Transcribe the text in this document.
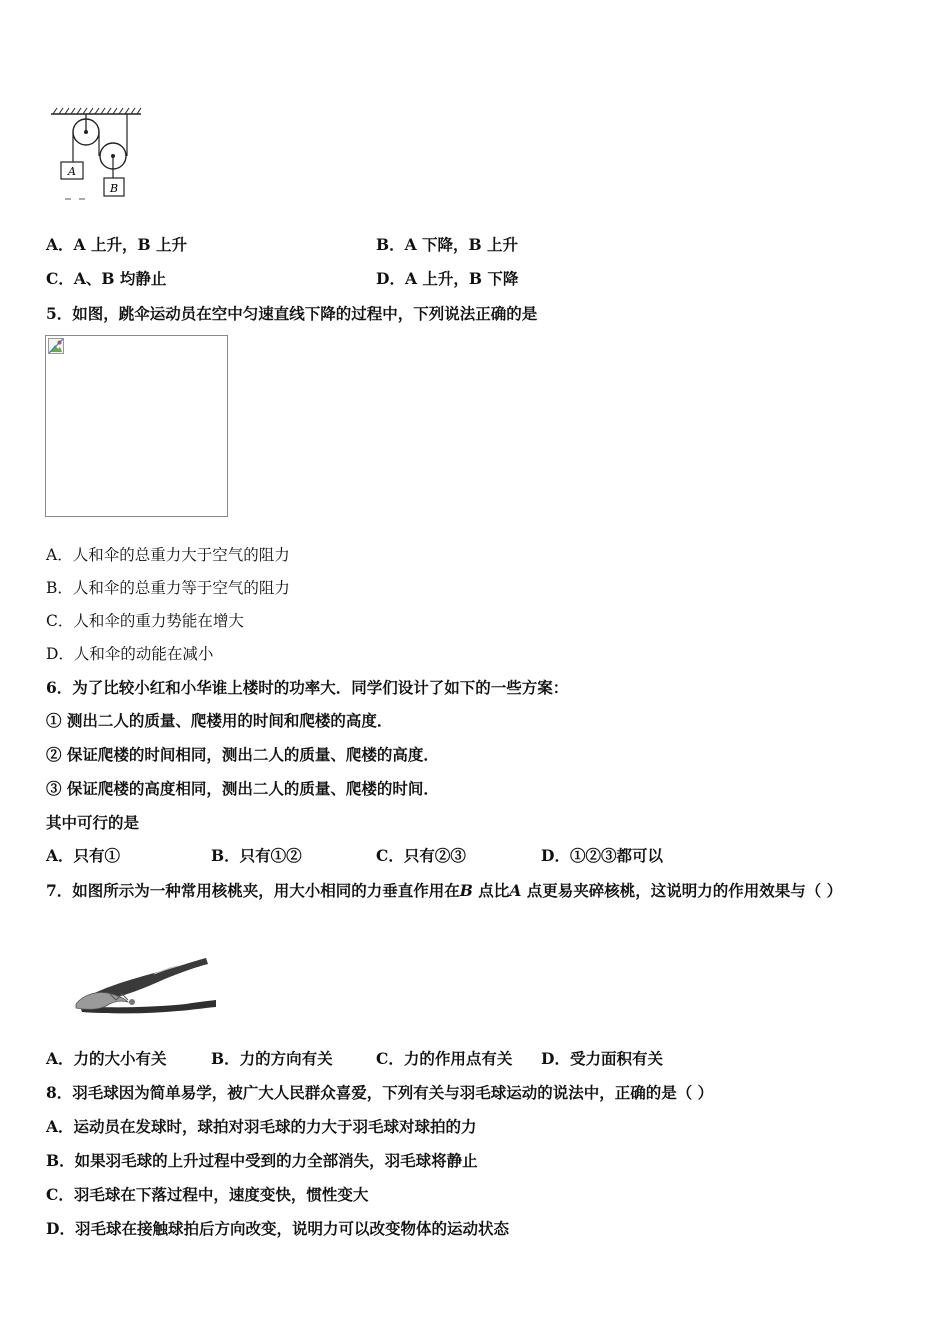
A
B
A．A 上升，B 上升	B．A 下降，B 上升
C．A、B 均静止	D．A 上升，B 下降
5．如图，跳伞运动员在空中匀速直线下降的过程中，下列说法正确的是
A．人和伞的总重力大于空气的阻力
B．人和伞的总重力等于空气的阻力
C．人和伞的重力势能在增大
D．人和伞的动能在减小
6．为了比较小红和小华谁上楼时的功率大．同学们设计了如下的一些方案：
① 测出二人的质量、爬楼用的时间和爬楼的高度．
② 保证爬楼的时间相同，测出二人的质量、爬楼的高度．
③ 保证爬楼的高度相同，测出二人的质量、爬楼的时间．
其中可行的是
A．只有①	B．只有①②	C．只有②③	D．①②③都可以
7．如图所示为一种常用核桃夹，用大小相同的力垂直作用在B 点比A 点更易夹碎核桃，这说明力的作用效果与（ ）
A．力的大小有关	B．力的方向有关	C．力的作用点有关 D．受力面积有关
8．羽毛球因为简单易学，被广大人民群众喜爱，下列有关与羽毛球运动的说法中，正确的是（ ）
A．运动员在发球时，球拍对羽毛球的力大于羽毛球对球拍的力
B．如果羽毛球的上升过程中受到的力全部消失，羽毛球将静止
C．羽毛球在下落过程中，速度变快，惯性变大
D．羽毛球在接触球拍后方向改变，说明力可以改变物体的运动状态
